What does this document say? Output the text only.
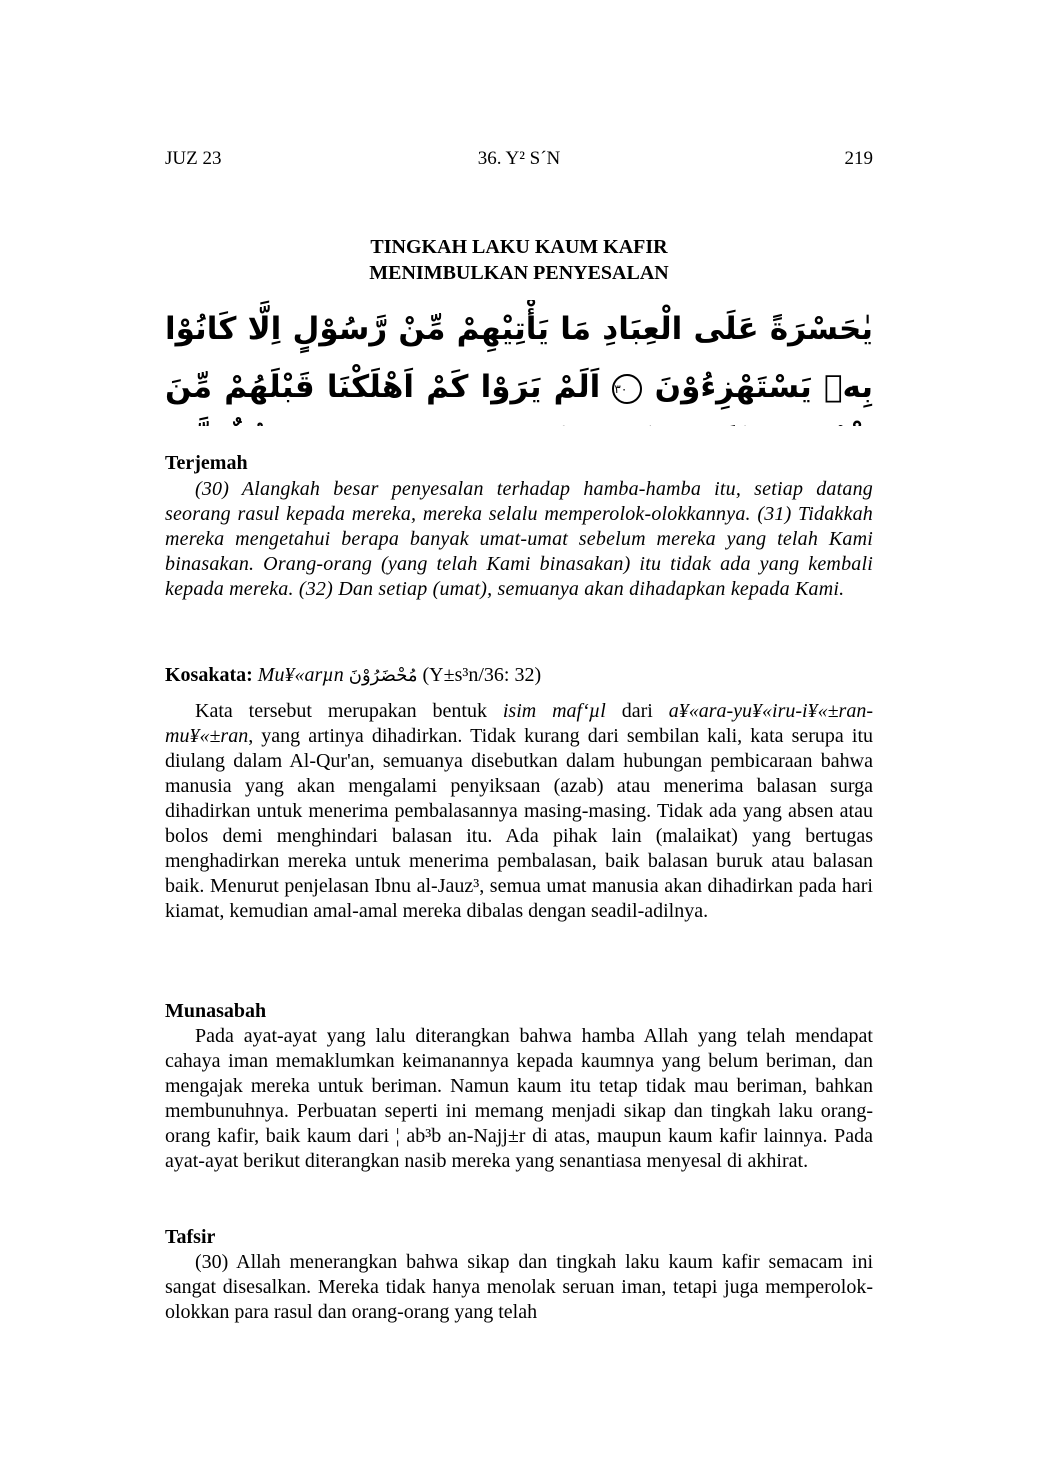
JUZ 23	36. Y² S´N	219
TINGKAH LAKU KAUM KAFIR
MENIMBULKAN PENYESALAN
يٰحَسْرَةً عَلَى الْعِبَادِ مَا يَأْتِيْهِمْ مِّنْ رَّسُوْلٍ اِلَّا كَانُوْا بِهٖ يَسْتَهْزِءُوْنَ ٣٠ اَلَمْ يَرَوْا كَمْ اَهْلَكْنَا قَبْلَهُمْ مِّنَ
Terjemah
(30) Alangkah besar penyesalan terhadap hamba-hamba itu, setiap datang seorang rasul kepada mereka, mereka selalu memperolok-olokkannya. (31) Tidakkah mereka mengetahui berapa banyak umat-umat sebelum mereka yang telah Kami binasakan. Orang-orang (yang telah Kami binasakan) itu tidak ada yang kembali kepada mereka. (32) Dan setiap (umat), semuanya akan dihadapkan kepada Kami.
Kosakata: Mu¥«arµn مُحْضَرُوْنَ (Y±s³n/36: 32)
Kata tersebut merupakan bentuk isim maf‘µl dari a¥«ara-yu¥«iru-i¥«±ran-mu¥«±ran, yang artinya dihadirkan. Tidak kurang dari sembilan kali, kata serupa itu diulang dalam Al-Qur'an, semuanya disebutkan dalam hubungan pembicaraan bahwa manusia yang akan mengalami penyiksaan (azab) atau menerima balasan surga dihadirkan untuk menerima pembalasannya masing-masing. Tidak ada yang absen atau bolos demi menghindari balasan itu. Ada pihak lain (malaikat) yang bertugas menghadirkan mereka untuk menerima pembalasan, baik balasan buruk atau balasan baik. Menurut penjelasan Ibnu al-Jauz³, semua umat manusia akan dihadirkan pada hari kiamat, kemudian amal-amal mereka dibalas dengan seadil-adilnya.
Munasabah
Pada ayat-ayat yang lalu diterangkan bahwa hamba Allah yang telah mendapat cahaya iman memaklumkan keimanannya kepada kaumnya yang belum beriman, dan mengajak mereka untuk beriman. Namun kaum itu tetap tidak mau beriman, bahkan membunuhnya. Perbuatan seperti ini memang menjadi sikap dan tingkah laku orang-orang kafir, baik kaum dari ¦ ab³b an-Najj±r di atas, maupun kaum kafir lainnya. Pada ayat-ayat berikut diterangkan nasib mereka yang senantiasa menyesal di akhirat.
Tafsir
(30) Allah menerangkan bahwa sikap dan tingkah laku kaum kafir semacam ini sangat disesalkan. Mereka tidak hanya menolak seruan iman, tetapi juga memperolok-olokkan para rasul dan orang-orang yang telah
